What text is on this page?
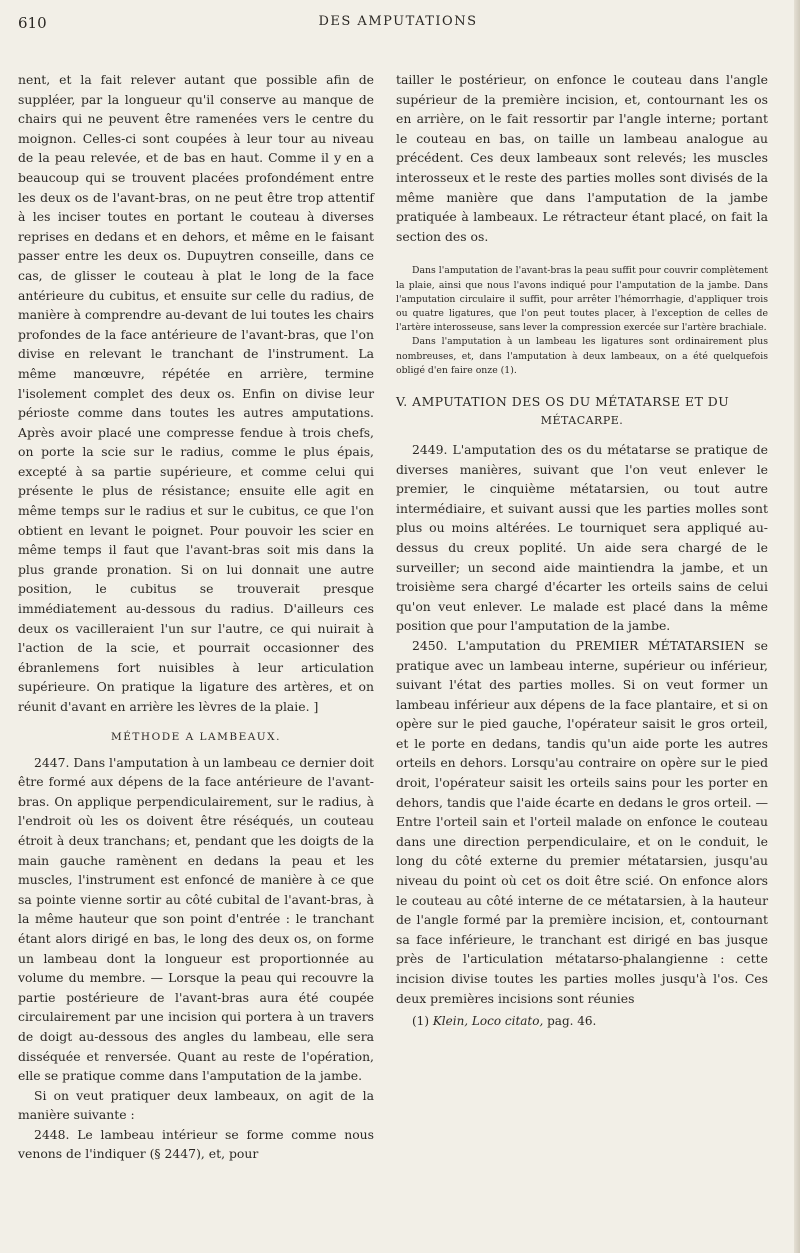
610	DES AMPUTATIONS

nent, et la fait relever autant que possible afin de suppléer, par la longueur qu'il conserve au manque de chairs qui ne peuvent être ramenées vers le centre du moignon. Celles-ci sont coupées à leur tour au niveau de la peau relevée, et de bas en haut. Comme il y en a beaucoup qui se trouvent placées profondément entre les deux os de l'avant-bras, on ne peut être trop attentif à les inciser toutes en portant le couteau à diverses reprises en dedans et en dehors, et même en le faisant passer entre les deux os. Dupuytren conseille, dans ce cas, de glisser le couteau à plat le long de la face antérieure du cubitus, et ensuite sur celle du radius, de manière à comprendre au-devant de lui toutes les chairs profondes de la face antérieure de l'avant-bras, que l'on divise en relevant le tranchant de l'instrument. La même manœuvre, répétée en arrière, termine l'isolement complet des deux os. Enfin on divise leur périoste comme dans toutes les autres amputations. Après avoir placé une compresse fendue à trois chefs, on porte la scie sur le radius, comme le plus épais, excepté à sa partie supérieure, et comme celui qui présente le plus de résistance; ensuite elle agit en même temps sur le radius et sur le cubitus, ce que l'on obtient en levant le poignet. Pour pouvoir les scier en même temps il faut que l'avant-bras soit mis dans la plus grande pronation. Si on lui donnait une autre position, le cubitus se trouverait presque immédiatement au-dessous du radius. D'ailleurs ces deux os vacilleraient l'un sur l'autre, ce qui nuirait à l'action de la scie, et pourrait occasionner des ébranlemens fort nuisibles à leur articulation supérieure. On pratique la ligature des artères, et on réunit d'avant en arrière les lèvres de la plaie. ]

MÉTHODE A LAMBEAUX.

2447. Dans l'amputation à un lambeau ce dernier doit être formé aux dépens de la face antérieure de l'avant-bras. On applique perpendiculairement, sur le radius, à l'endroit où les os doivent être réséqués, un couteau étroit à deux tranchans; et, pendant que les doigts de la main gauche ramènent en dedans la peau et les muscles, l'instrument est enfoncé de manière à ce que sa pointe vienne sortir au côté cubital de l'avant-bras, à la même hauteur que son point d'entrée : le tranchant étant alors dirigé en bas, le long des deux os, on forme un lambeau dont la longueur est proportionnée au volume du membre. — Lorsque la peau qui recouvre la partie postérieure de l'avant-bras aura été coupée circulairement par une incision qui portera à un travers de doigt au-dessous des angles du lambeau, elle sera disséquée et renversée. Quant au reste de l'opération, elle se pratique comme dans l'amputation de la jambe.

Si on veut pratiquer deux lambeaux, on agit de la manière suivante :

2448. Le lambeau intérieur se forme comme nous venons de l'indiquer (§ 2447), et, pour

tailler le postérieur, on enfonce le couteau dans l'angle supérieur de la première incision, et, contournant les os en arrière, on le fait ressortir par l'angle interne; portant le couteau en bas, on taille un lambeau analogue au précédent. Ces deux lambeaux sont relevés; les muscles interosseux et le reste des parties molles sont divisés de la même manière que dans l'amputation de la jambe pratiquée à lambeaux. Le rétracteur étant placé, on fait la section des os.

Dans l'amputation de l'avant-bras la peau suffit pour couvrir complètement la plaie, ainsi que nous l'avons indiqué pour l'amputation de la jambe. Dans l'amputation circulaire il suffit, pour arrêter l'hémorrhagie, d'appliquer trois ou quatre ligatures, que l'on peut toutes placer, à l'exception de celles de l'artère interosseuse, sans lever la compression exercée sur l'artère brachiale.

Dans l'amputation à un lambeau les ligatures sont ordinairement plus nombreuses, et, dans l'amputation à deux lambeaux, on a été quelquefois obligé d'en faire onze (1).

V. AMPUTATION DES OS DU MÉTATARSE ET DU
MÉTACARPE.

2449. L'amputation des os du métatarse se pratique de diverses manières, suivant que l'on veut enlever le premier, le cinquième métatarsien, ou tout autre intermédiaire, et suivant aussi que les parties molles sont plus ou moins altérées. Le tourniquet sera appliqué au-dessus du creux poplité. Un aide sera chargé de le surveiller; un second aide maintiendra la jambe, et un troisième sera chargé d'écarter les orteils sains de celui qu'on veut enlever. Le malade est placé dans la même position que pour l'amputation de la jambe.

2450. L'amputation du PREMIER MÉTATARSIEN se pratique avec un lambeau interne, supérieur ou inférieur, suivant l'état des parties molles. Si on veut former un lambeau inférieur aux dépens de la face plantaire, et si on opère sur le pied gauche, l'opérateur saisit le gros orteil, et le porte en dedans, tandis qu'un aide porte les autres orteils en dehors. Lorsqu'au contraire on opère sur le pied droit, l'opérateur saisit les orteils sains pour les porter en dehors, tandis que l'aide écarte en dedans le gros orteil. — Entre l'orteil sain et l'orteil malade on enfonce le couteau dans une direction perpendiculaire, et on le conduit, le long du côté externe du premier métatarsien, jusqu'au niveau du point où cet os doit être scié. On enfonce alors le couteau au côté interne de ce métatarsien, à la hauteur de l'angle formé par la première incision, et, contournant sa face inférieure, le tranchant est dirigé en bas jusque près de l'articulation métatarso-phalangienne : cette incision divise toutes les parties molles jusqu'à l'os. Ces deux premières incisions sont réunies

(1) Klein, Loco citato, pag. 46.
